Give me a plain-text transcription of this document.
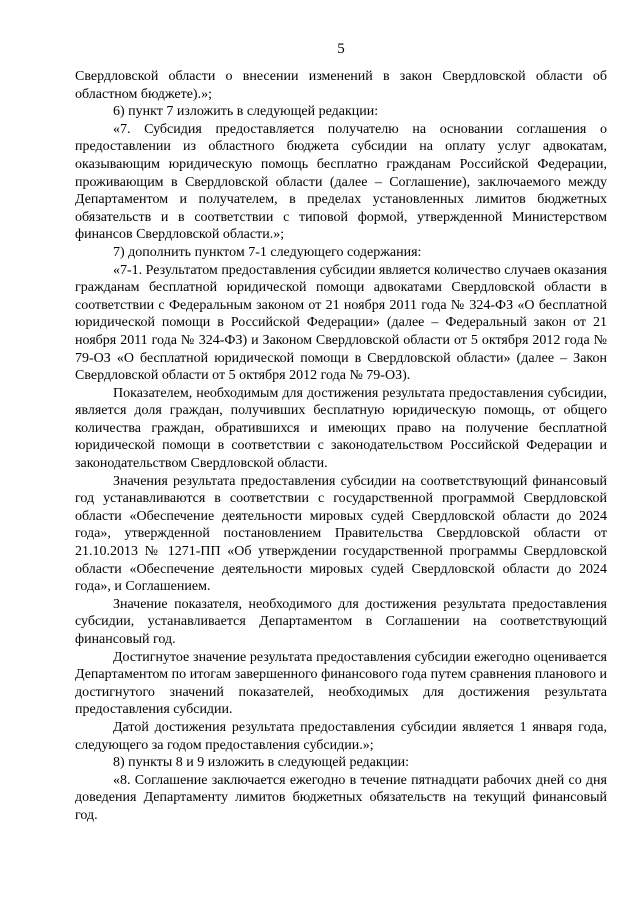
5

Свердловской области о внесении изменений в закон Свердловской области об областном бюджете).»;

6) пункт 7 изложить в следующей редакции:

«7. Субсидия предоставляется получателю на основании соглашения о предоставлении из областного бюджета субсидии на оплату услуг адвокатам, оказывающим юридическую помощь бесплатно гражданам Российской Федерации, проживающим в Свердловской области (далее – Соглашение), заключаемого между Департаментом и получателем, в пределах установленных лимитов бюджетных обязательств и в соответствии с типовой формой, утвержденной Министерством финансов Свердловской области.»;

7) дополнить пунктом 7-1 следующего содержания:

«7-1. Результатом предоставления субсидии является количество случаев оказания гражданам бесплатной юридической помощи адвокатами Свердловской области в соответствии с Федеральным законом от 21 ноября 2011 года № 324-ФЗ «О бесплатной юридической помощи в Российской Федерации» (далее – Федеральный закон от 21 ноября 2011 года № 324-ФЗ) и Законом Свердловской области от 5 октября 2012 года № 79-ОЗ «О бесплатной юридической помощи в Свердловской области» (далее – Закон Свердловской области от 5 октября 2012 года № 79-ОЗ).

Показателем, необходимым для достижения результата предоставления субсидии, является доля граждан, получивших бесплатную юридическую помощь, от общего количества граждан, обратившихся и имеющих право на получение бесплатной юридической помощи в соответствии с законодательством Российской Федерации и законодательством Свердловской области.

Значения результата предоставления субсидии на соответствующий финансовый год устанавливаются в соответствии с государственной программой Свердловской области «Обеспечение деятельности мировых судей Свердловской области до 2024 года», утвержденной постановлением Правительства Свердловской области от 21.10.2013 № 1271-ПП «Об утверждении государственной программы Свердловской области «Обеспечение деятельности мировых судей Свердловской области до 2024 года», и Соглашением.

Значение показателя, необходимого для достижения результата предоставления субсидии, устанавливается Департаментом в Соглашении на соответствующий финансовый год.

Достигнутое значение результата предоставления субсидии ежегодно оценивается Департаментом по итогам завершенного финансового года путем сравнения планового и достигнутого значений показателей, необходимых для достижения результата предоставления субсидии.

Датой достижения результата предоставления субсидии является 1 января года, следующего за годом предоставления субсидии.»;

8) пункты 8 и 9 изложить в следующей редакции:

«8. Соглашение заключается ежегодно в течение пятнадцати рабочих дней со дня доведения Департаменту лимитов бюджетных обязательств на текущий финансовый год.
